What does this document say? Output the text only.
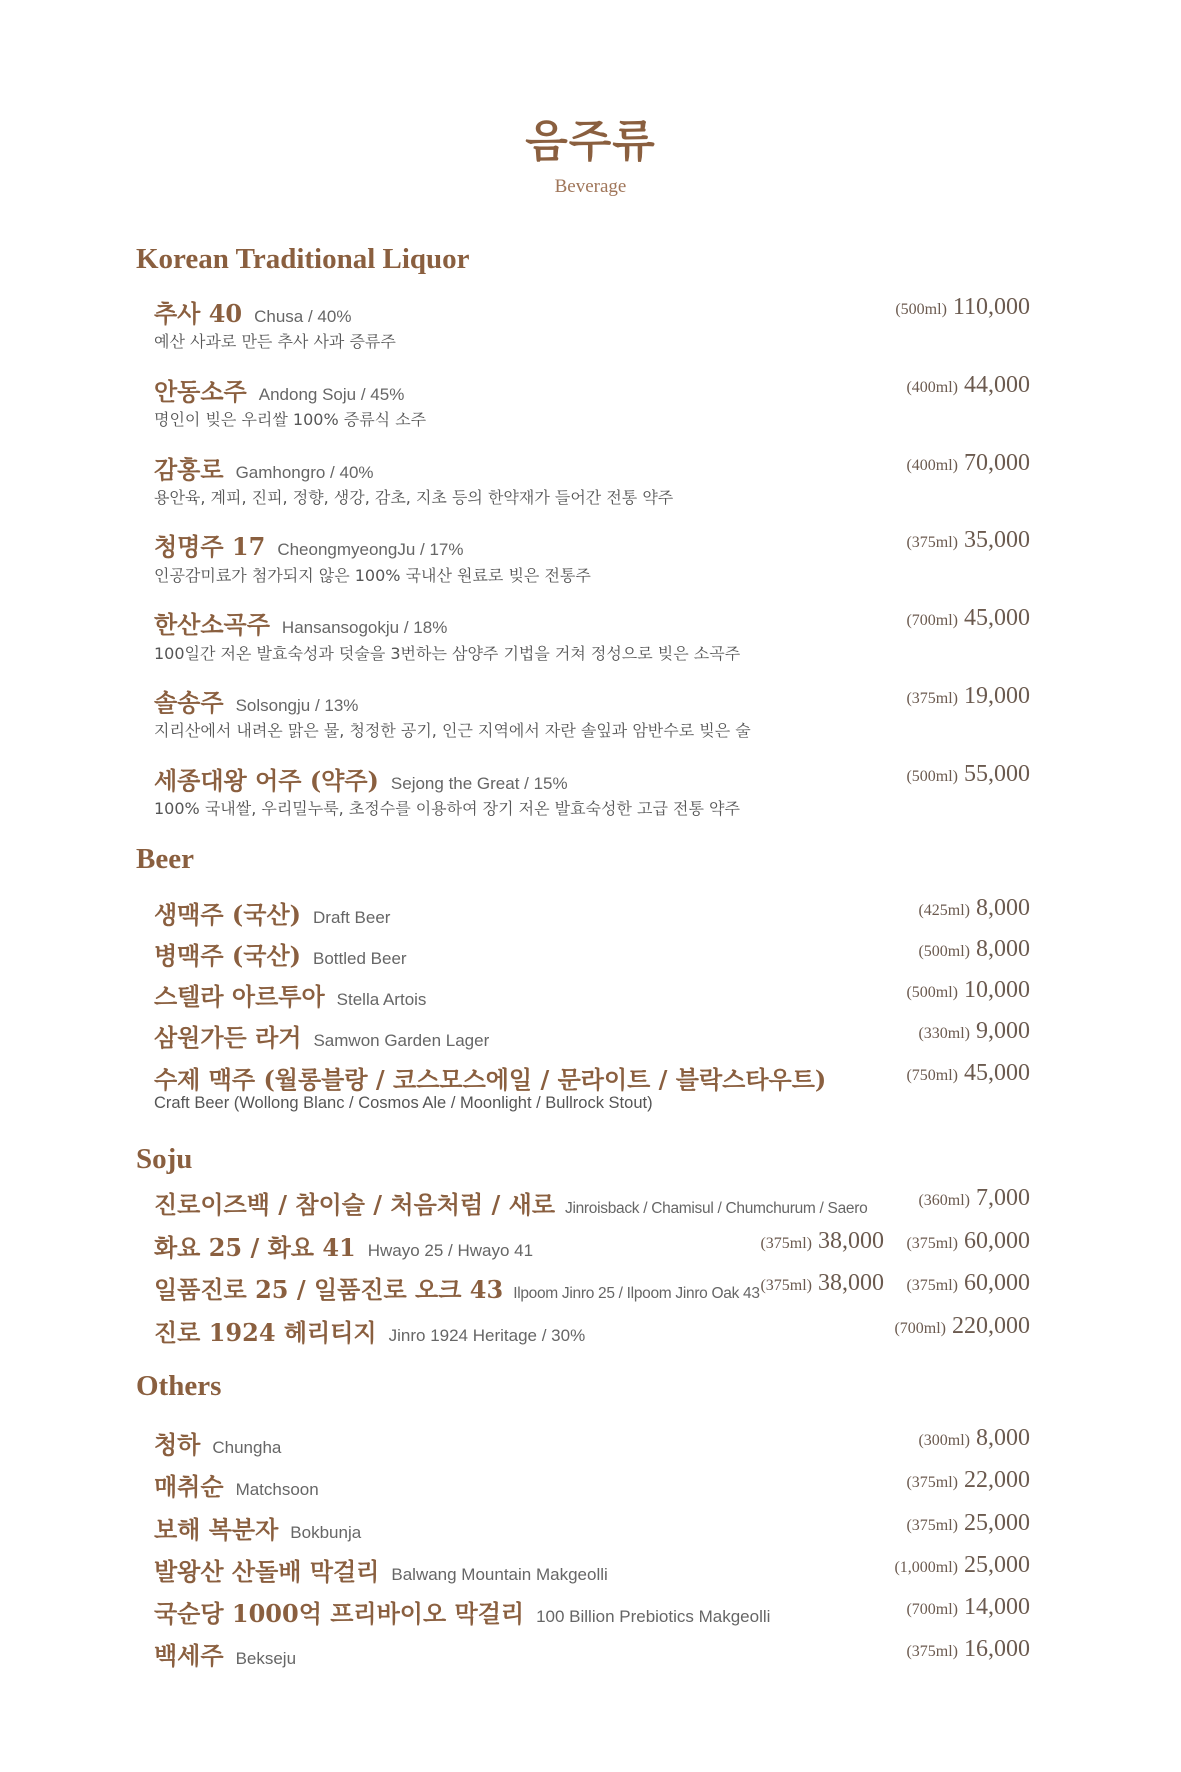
음주류
Beverage
Korean Traditional Liquor
추사 40 Chusa / 40%	(500ml) 110,000
예산 사과로 만든 추사 사과 증류주
안동소주 Andong Soju / 45%	(400ml) 44,000
명인이 빚은 우리쌀 100% 증류식 소주
감홍로 Gamhongro / 40%	(400ml) 70,000
용안육, 계피, 진피, 정향, 생강, 감초, 지초 등의 한약재가 들어간 전통 약주
청명주 17 CheongmyeongJu / 17%	(375ml) 35,000
인공감미료가 첨가되지 않은 100% 국내산 원료로 빚은 전통주
한산소곡주 Hansansogokju / 18%	(700ml) 45,000
100일간 저온 발효숙성과 덧술을 3번하는 삼양주 기법을 거쳐 정성으로 빚은 소곡주
솔송주 Solsongju / 13%	(375ml) 19,000
지리산에서 내려온 맑은 물, 청정한 공기, 인근 지역에서 자란 솔잎과 암반수로 빚은 술
세종대왕 어주 (약주) Sejong the Great / 15%	(500ml) 55,000
100% 국내쌀, 우리밀누룩, 초정수를 이용하여 장기 저온 발효숙성한 고급 전통 약주
Beer
생맥주 (국산) Draft Beer	(425ml) 8,000
병맥주 (국산) Bottled Beer	(500ml) 8,000
스텔라 아르투아 Stella Artois	(500ml) 10,000
삼원가든 라거 Samwon Garden Lager	(330ml) 9,000
수제 맥주 (월롱블랑 / 코스모스에일 / 문라이트 / 블락스타우트)	(750ml) 45,000
Craft Beer (Wollong Blanc / Cosmos Ale / Moonlight / Bullrock Stout)
Soju
진로이즈백 / 참이슬 / 처음처럼 / 새로 Jinroisback / Chamisul / Chumchurum / Saero	(360ml) 7,000
화요 25 / 화요 41 Hwayo 25 / Hwayo 41	(375ml) 38,000 (375ml) 60,000
일품진로 25 / 일품진로 오크 43 Ilpoom Jinro 25 / Ilpoom Jinro Oak 43 (375ml) 38,000 (375ml) 60,000
진로 1924 헤리티지 Jinro 1924 Heritage / 30%	(700ml) 220,000
Others
청하 Chungha	(300ml) 8,000
매취순 Matchsoon	(375ml) 22,000
보해 복분자 Bokbunja	(375ml) 25,000
발왕산 산돌배 막걸리 Balwang Mountain Makgeolli	(1,000ml) 25,000
국순당 1000억 프리바이오 막걸리 100 Billion Prebiotics Makgeolli	(700ml) 14,000
백세주 Bekseju	(375ml) 16,000
